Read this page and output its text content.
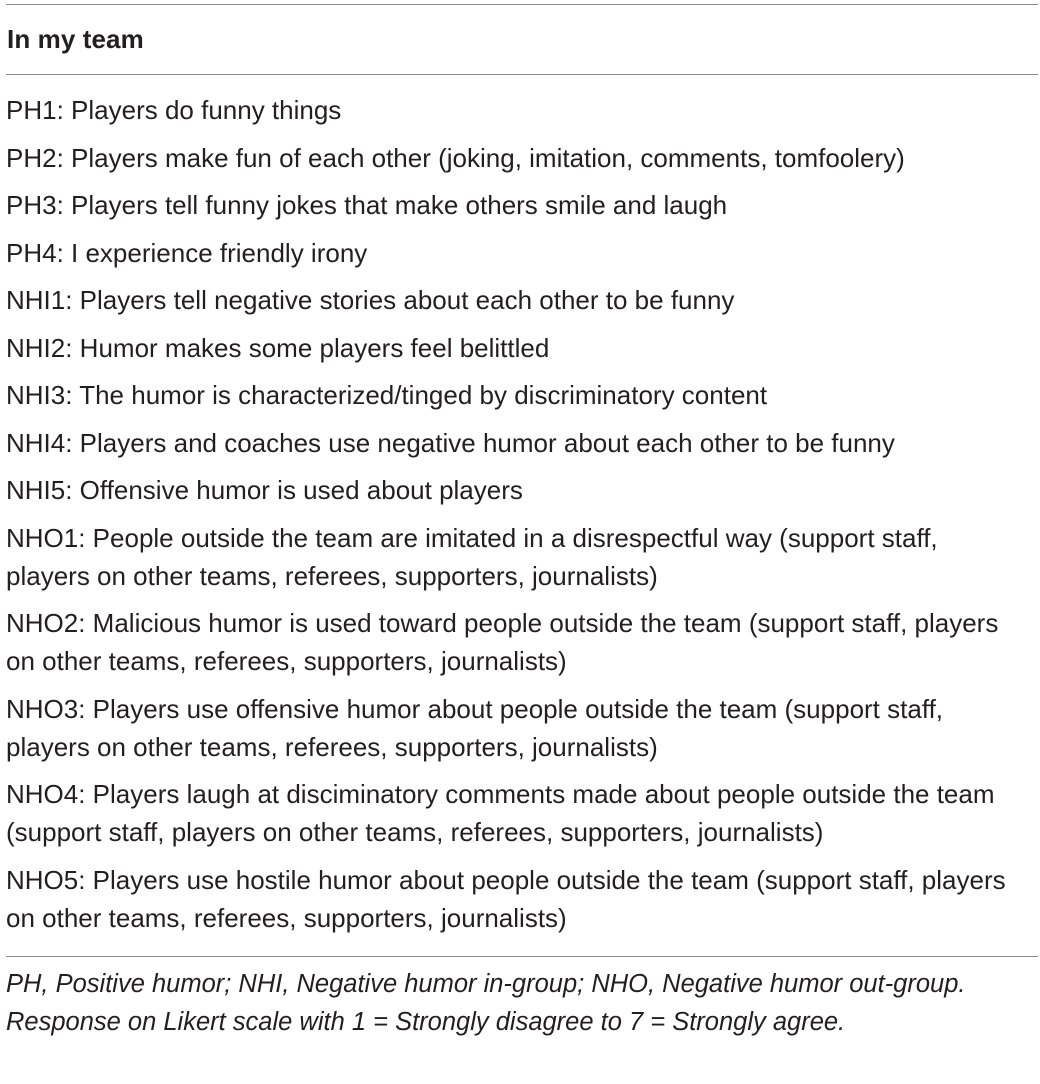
In my team
PH1: Players do funny things
PH2: Players make fun of each other (joking, imitation, comments, tomfoolery)
PH3: Players tell funny jokes that make others smile and laugh
PH4: I experience friendly irony
NHI1: Players tell negative stories about each other to be funny
NHI2: Humor makes some players feel belittled
NHI3: The humor is characterized/tinged by discriminatory content
NHI4: Players and coaches use negative humor about each other to be funny
NHI5: Offensive humor is used about players
NHO1: People outside the team are imitated in a disrespectful way (support staff, players on other teams, referees, supporters, journalists)
NHO2: Malicious humor is used toward people outside the team (support staff, players on other teams, referees, supporters, journalists)
NHO3: Players use offensive humor about people outside the team (support staff, players on other teams, referees, supporters, journalists)
NHO4: Players laugh at disciminatory comments made about people outside the team (support staff, players on other teams, referees, supporters, journalists)
NHO5: Players use hostile humor about people outside the team (support staff, players on other teams, referees, supporters, journalists)
PH, Positive humor; NHI, Negative humor in-group; NHO, Negative humor out-group.
Response on Likert scale with 1 = Strongly disagree to 7 = Strongly agree.
